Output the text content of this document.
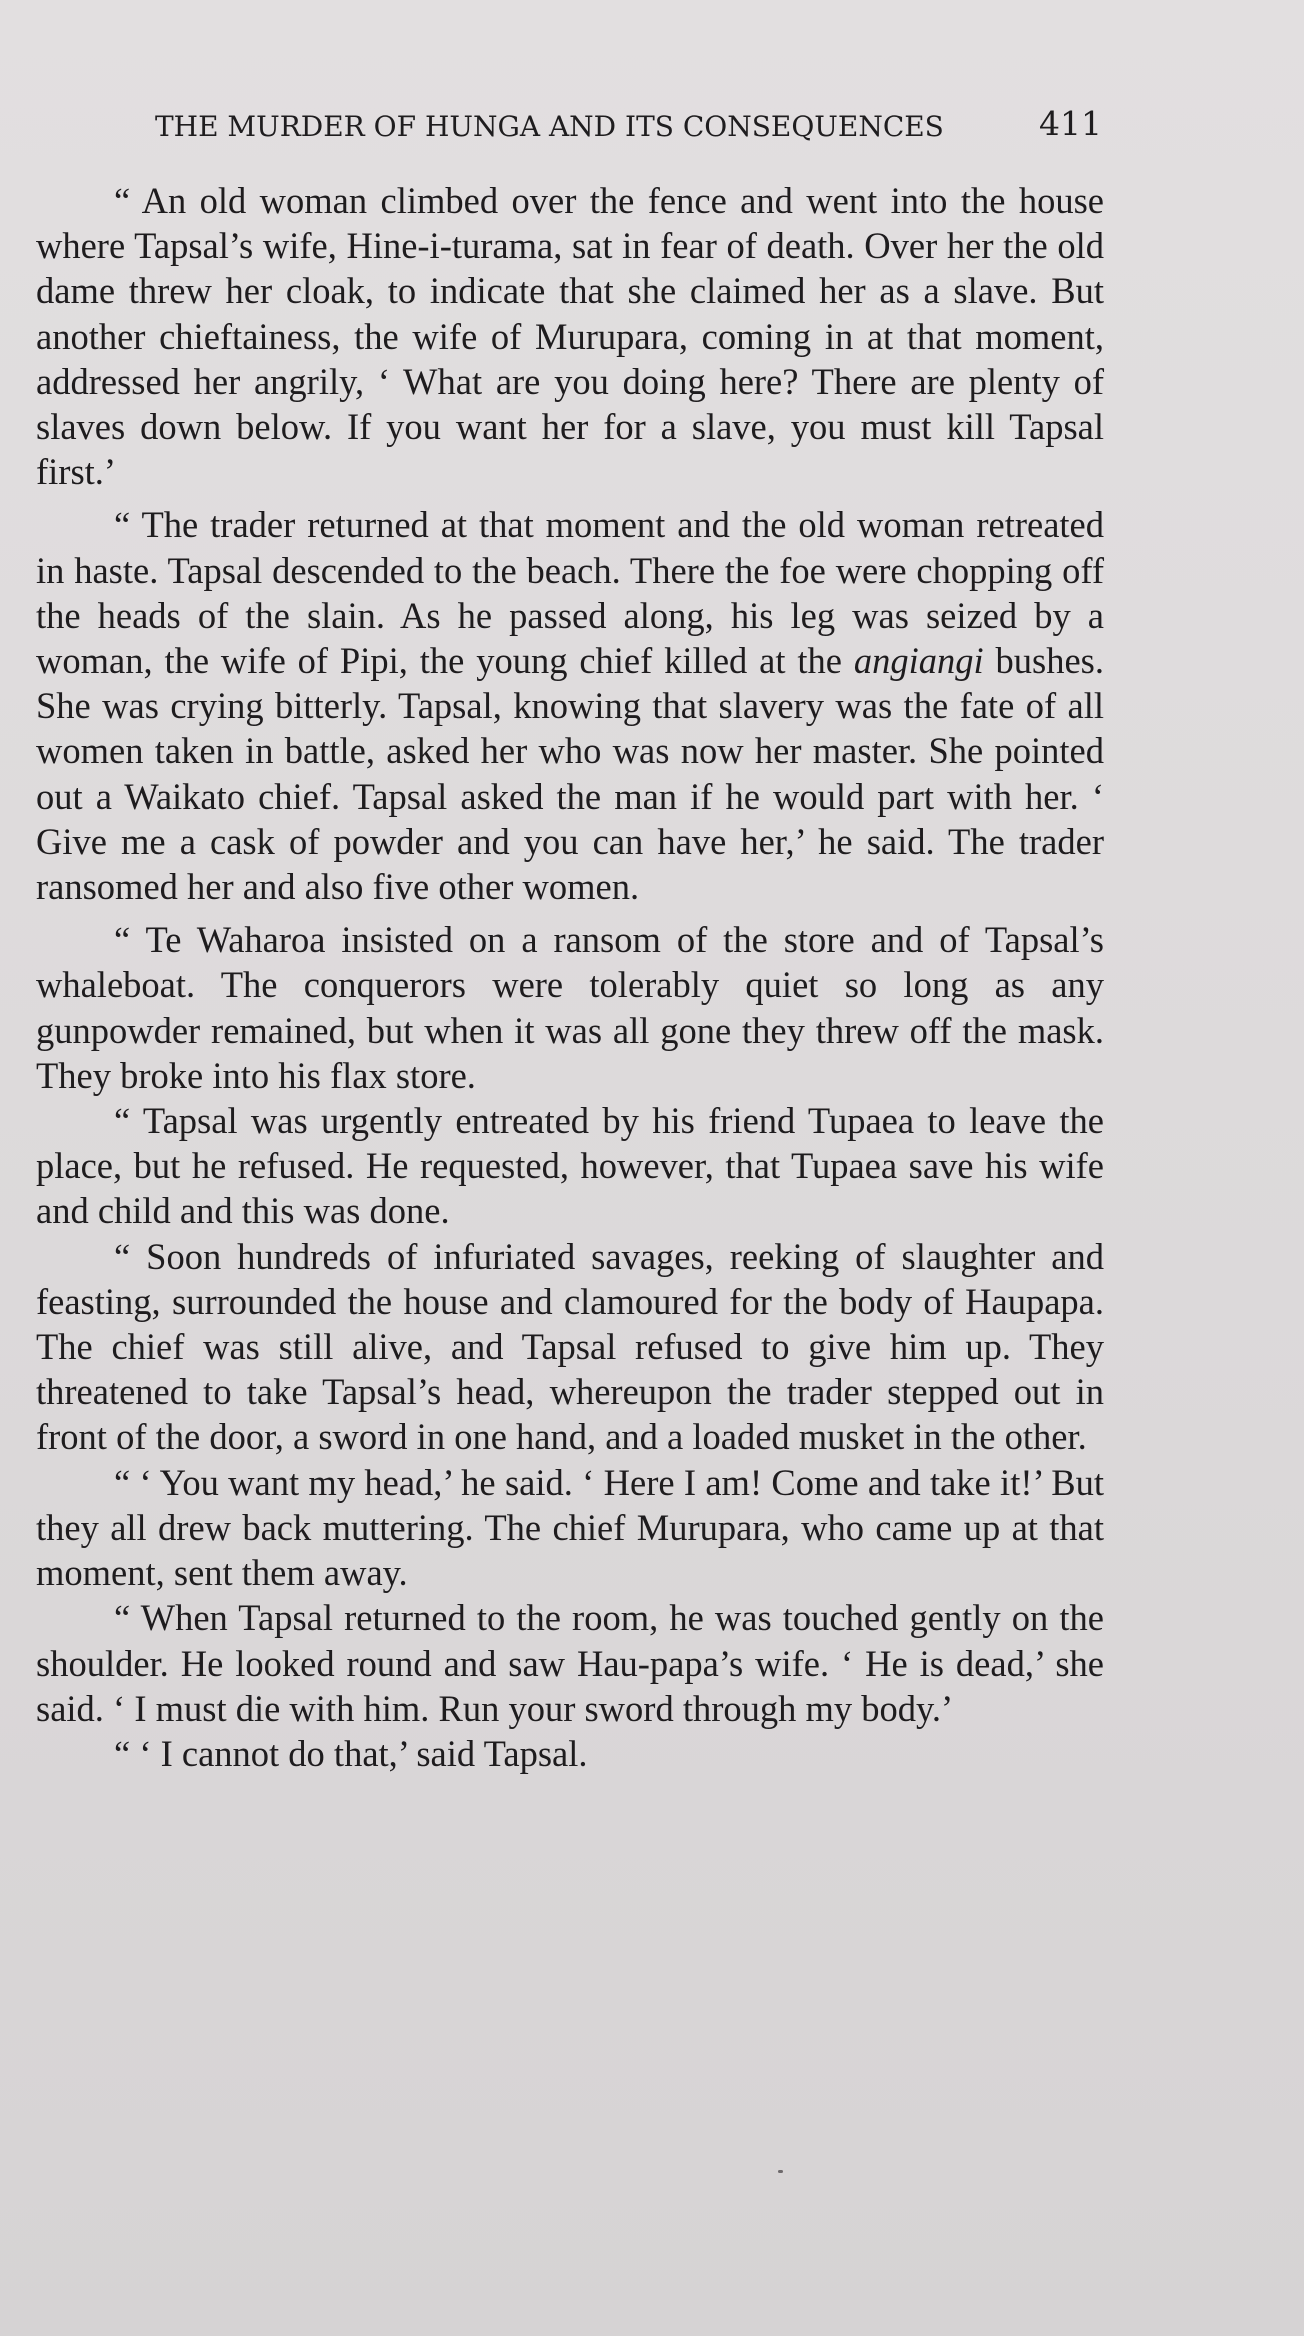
THE MURDER OF HUNGA AND ITS CONSEQUENCES	411

“ An old woman climbed over the fence and went into the house where Tapsal’s wife, Hine-i-turama, sat in fear of death. Over her the old dame threw her cloak, to indicate that she claimed her as a slave. But another chieftainess, the wife of Murupara, coming in at that moment, addressed her angrily, ‘ What are you doing here? There are plenty of slaves down below. If you want her for a slave, you must kill Tapsal first.’

“ The trader returned at that moment and the old woman retreated in haste. Tapsal descended to the beach. There the foe were chopping off the heads of the slain. As he passed along, his leg was seized by a woman, the wife of Pipi, the young chief killed at the angiangi bushes. She was crying bitterly. Tapsal, knowing that slavery was the fate of all women taken in battle, asked her who was now her master. She pointed out a Waikato chief. Tapsal asked the man if he would part with her. ‘ Give me a cask of powder and you can have her,’ he said. The trader ransomed her and also five other women.

“ Te Waharoa insisted on a ransom of the store and of Tapsal’s whaleboat. The conquerors were tolerably quiet so long as any gunpowder remained, but when it was all gone they threw off the mask. They broke into his flax store.

“ Tapsal was urgently entreated by his friend Tupaea to leave the place, but he refused. He requested, however, that Tupaea save his wife and child and this was done.

“ Soon hundreds of infuriated savages, reeking of slaughter and feasting, surrounded the house and clamoured for the body of Haupapa. The chief was still alive, and Tapsal refused to give him up. They threatened to take Tapsal’s head, whereupon the trader stepped out in front of the door, a sword in one hand, and a loaded musket in the other.

“ ‘ You want my head,’ he said. ‘ Here I am! Come and take it!’ But they all drew back muttering. The chief Murupara, who came up at that moment, sent them away.

“ When Tapsal returned to the room, he was touched gently on the shoulder. He looked round and saw Hau‑papa’s wife. ‘ He is dead,’ she said. ‘ I must die with him. Run your sword through my body.’

“ ‘ I cannot do that,’ said Tapsal.
